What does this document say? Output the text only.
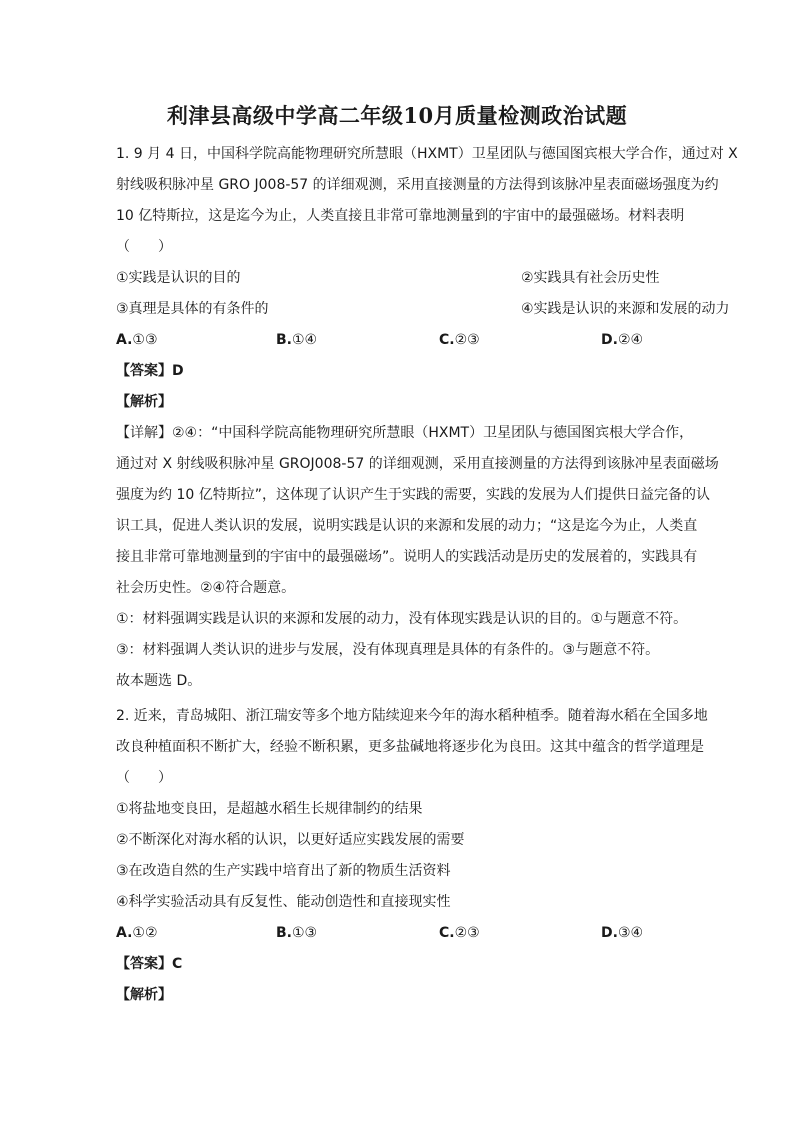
利津县高级中学高二年级10月质量检测政治试题
1. 9 月 4 日，中国科学院高能物理研究所慧眼（HXMT）卫星团队与德国图宾根大学合作，通过对 X
射线吸积脉冲星 GRO J008-57 的详细观测，采用直接测量的方法得到该脉冲星表面磁场强度为约
10 亿特斯拉，这是迄今为止，人类直接且非常可靠地测量到的宇宙中的最强磁场。材料表明
（　　）
①实践是认识的目的	②实践具有社会历史性
③真理是具体的有条件的	④实践是认识的来源和发展的动力
A.①③	B.①④	C.②③	D.②④
【答案】D
【解析】
【详解】②④：“中国科学院高能物理研究所慧眼（HXMT）卫星团队与德国图宾根大学合作，
通过对 X 射线吸积脉冲星 GROJ008-57 的详细观测，采用直接测量的方法得到该脉冲星表面磁场
强度为约 10 亿特斯拉”，这体现了认识产生于实践的需要，实践的发展为人们提供日益完备的认
识工具，促进人类认识的发展，说明实践是认识的来源和发展的动力；“这是迄今为止，人类直
接且非常可靠地测量到的宇宙中的最强磁场”。说明人的实践活动是历史的发展着的，实践具有
社会历史性。②④符合题意。
①：材料强调实践是认识的来源和发展的动力，没有体现实践是认识的目的。①与题意不符。
③：材料强调人类认识的进步与发展，没有体现真理是具体的有条件的。③与题意不符。
故本题选 D。
2. 近来，青岛城阳、浙江瑞安等多个地方陆续迎来今年的海水稻种植季。随着海水稻在全国多地
改良种植面积不断扩大，经验不断积累，更多盐碱地将逐步化为良田。这其中蕴含的哲学道理是
（　　）
①将盐地变良田，是超越水稻生长规律制约的结果
②不断深化对海水稻的认识，以更好适应实践发展的需要
③在改造自然的生产实践中培育出了新的物质生活资料
④科学实验活动具有反复性、能动创造性和直接现实性
A.①②	B.①③	C.②③	D.③④
【答案】C
【解析】
